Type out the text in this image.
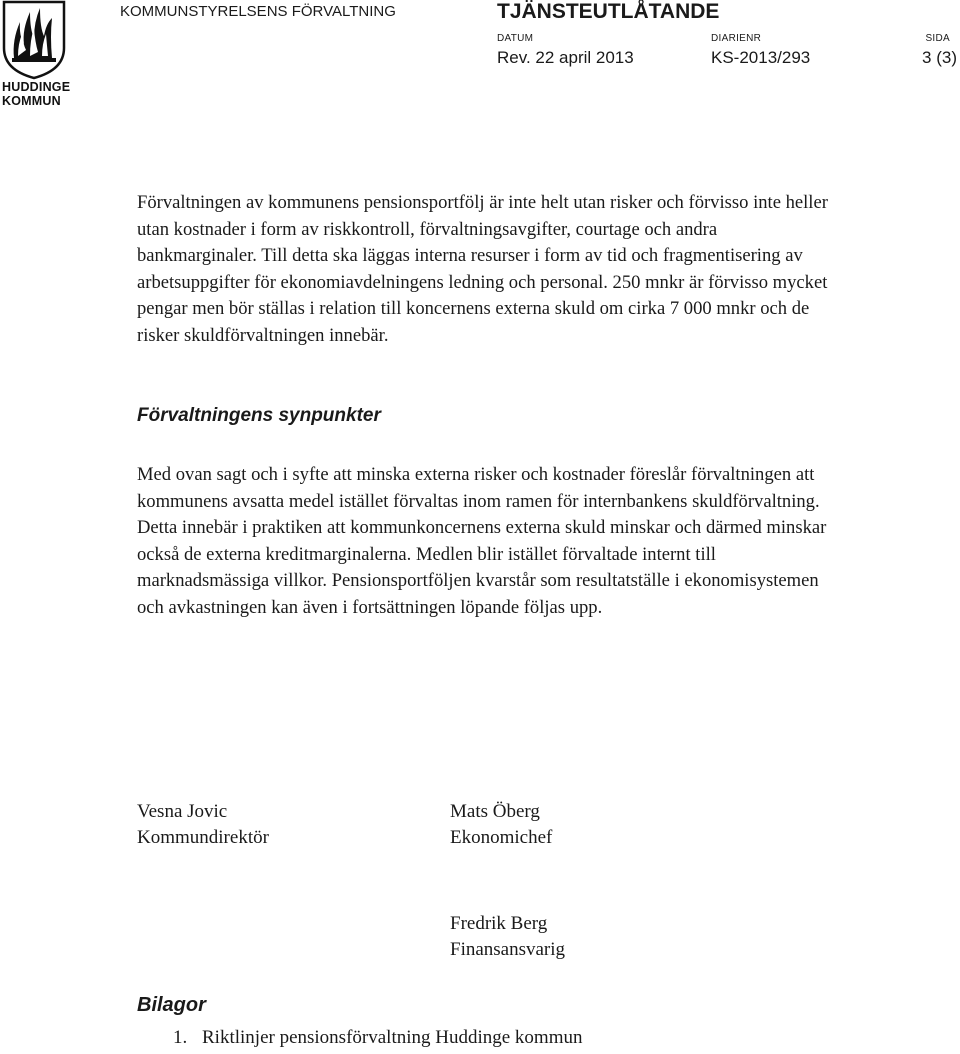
HUDDINGE
KOMMUN
KOMMUNSTYRELSENS FÖRVALTNING	TJÄNSTEUTLÅTANDE
DATUM
Rev. 22 april 2013
DIARIENR
KS-2013/293
SIDA
3 (3)

Förvaltningen av kommunens pensionsportfölj är inte helt utan risker och förvisso inte heller utan kostnader i form av riskkontroll, förvaltningsavgifter, courtage och andra bankmarginaler. Till detta ska läggas interna resurser i form av tid och fragmentisering av arbetsuppgifter för ekonomiavdelningens ledning och personal. 250 mnkr är förvisso mycket pengar men bör ställas i relation till koncernens externa skuld om cirka 7 000 mnkr och de risker skuldförvaltningen innebär.

Förvaltningens synpunkter

Med ovan sagt och i syfte att minska externa risker och kostnader föreslår förvaltningen att kommunens avsatta medel istället förvaltas inom ramen för internbankens skuldförvaltning. Detta innebär i praktiken att kommunkoncernens externa skuld minskar och därmed minskar också de externa kreditmarginalerna. Medlen blir istället förvaltade internt till marknadsmässiga villkor. Pensionsportföljen kvarstår som resultatställe i ekonomisystemen och avkastningen kan även i fortsättningen löpande följas upp.

Vesna Jovic
Kommundirektör
Mats Öberg
Ekonomichef
Fredrik Berg
Finansansvarig
Bilagor
1. Riktlinjer pensionsförvaltning Huddinge kommun
